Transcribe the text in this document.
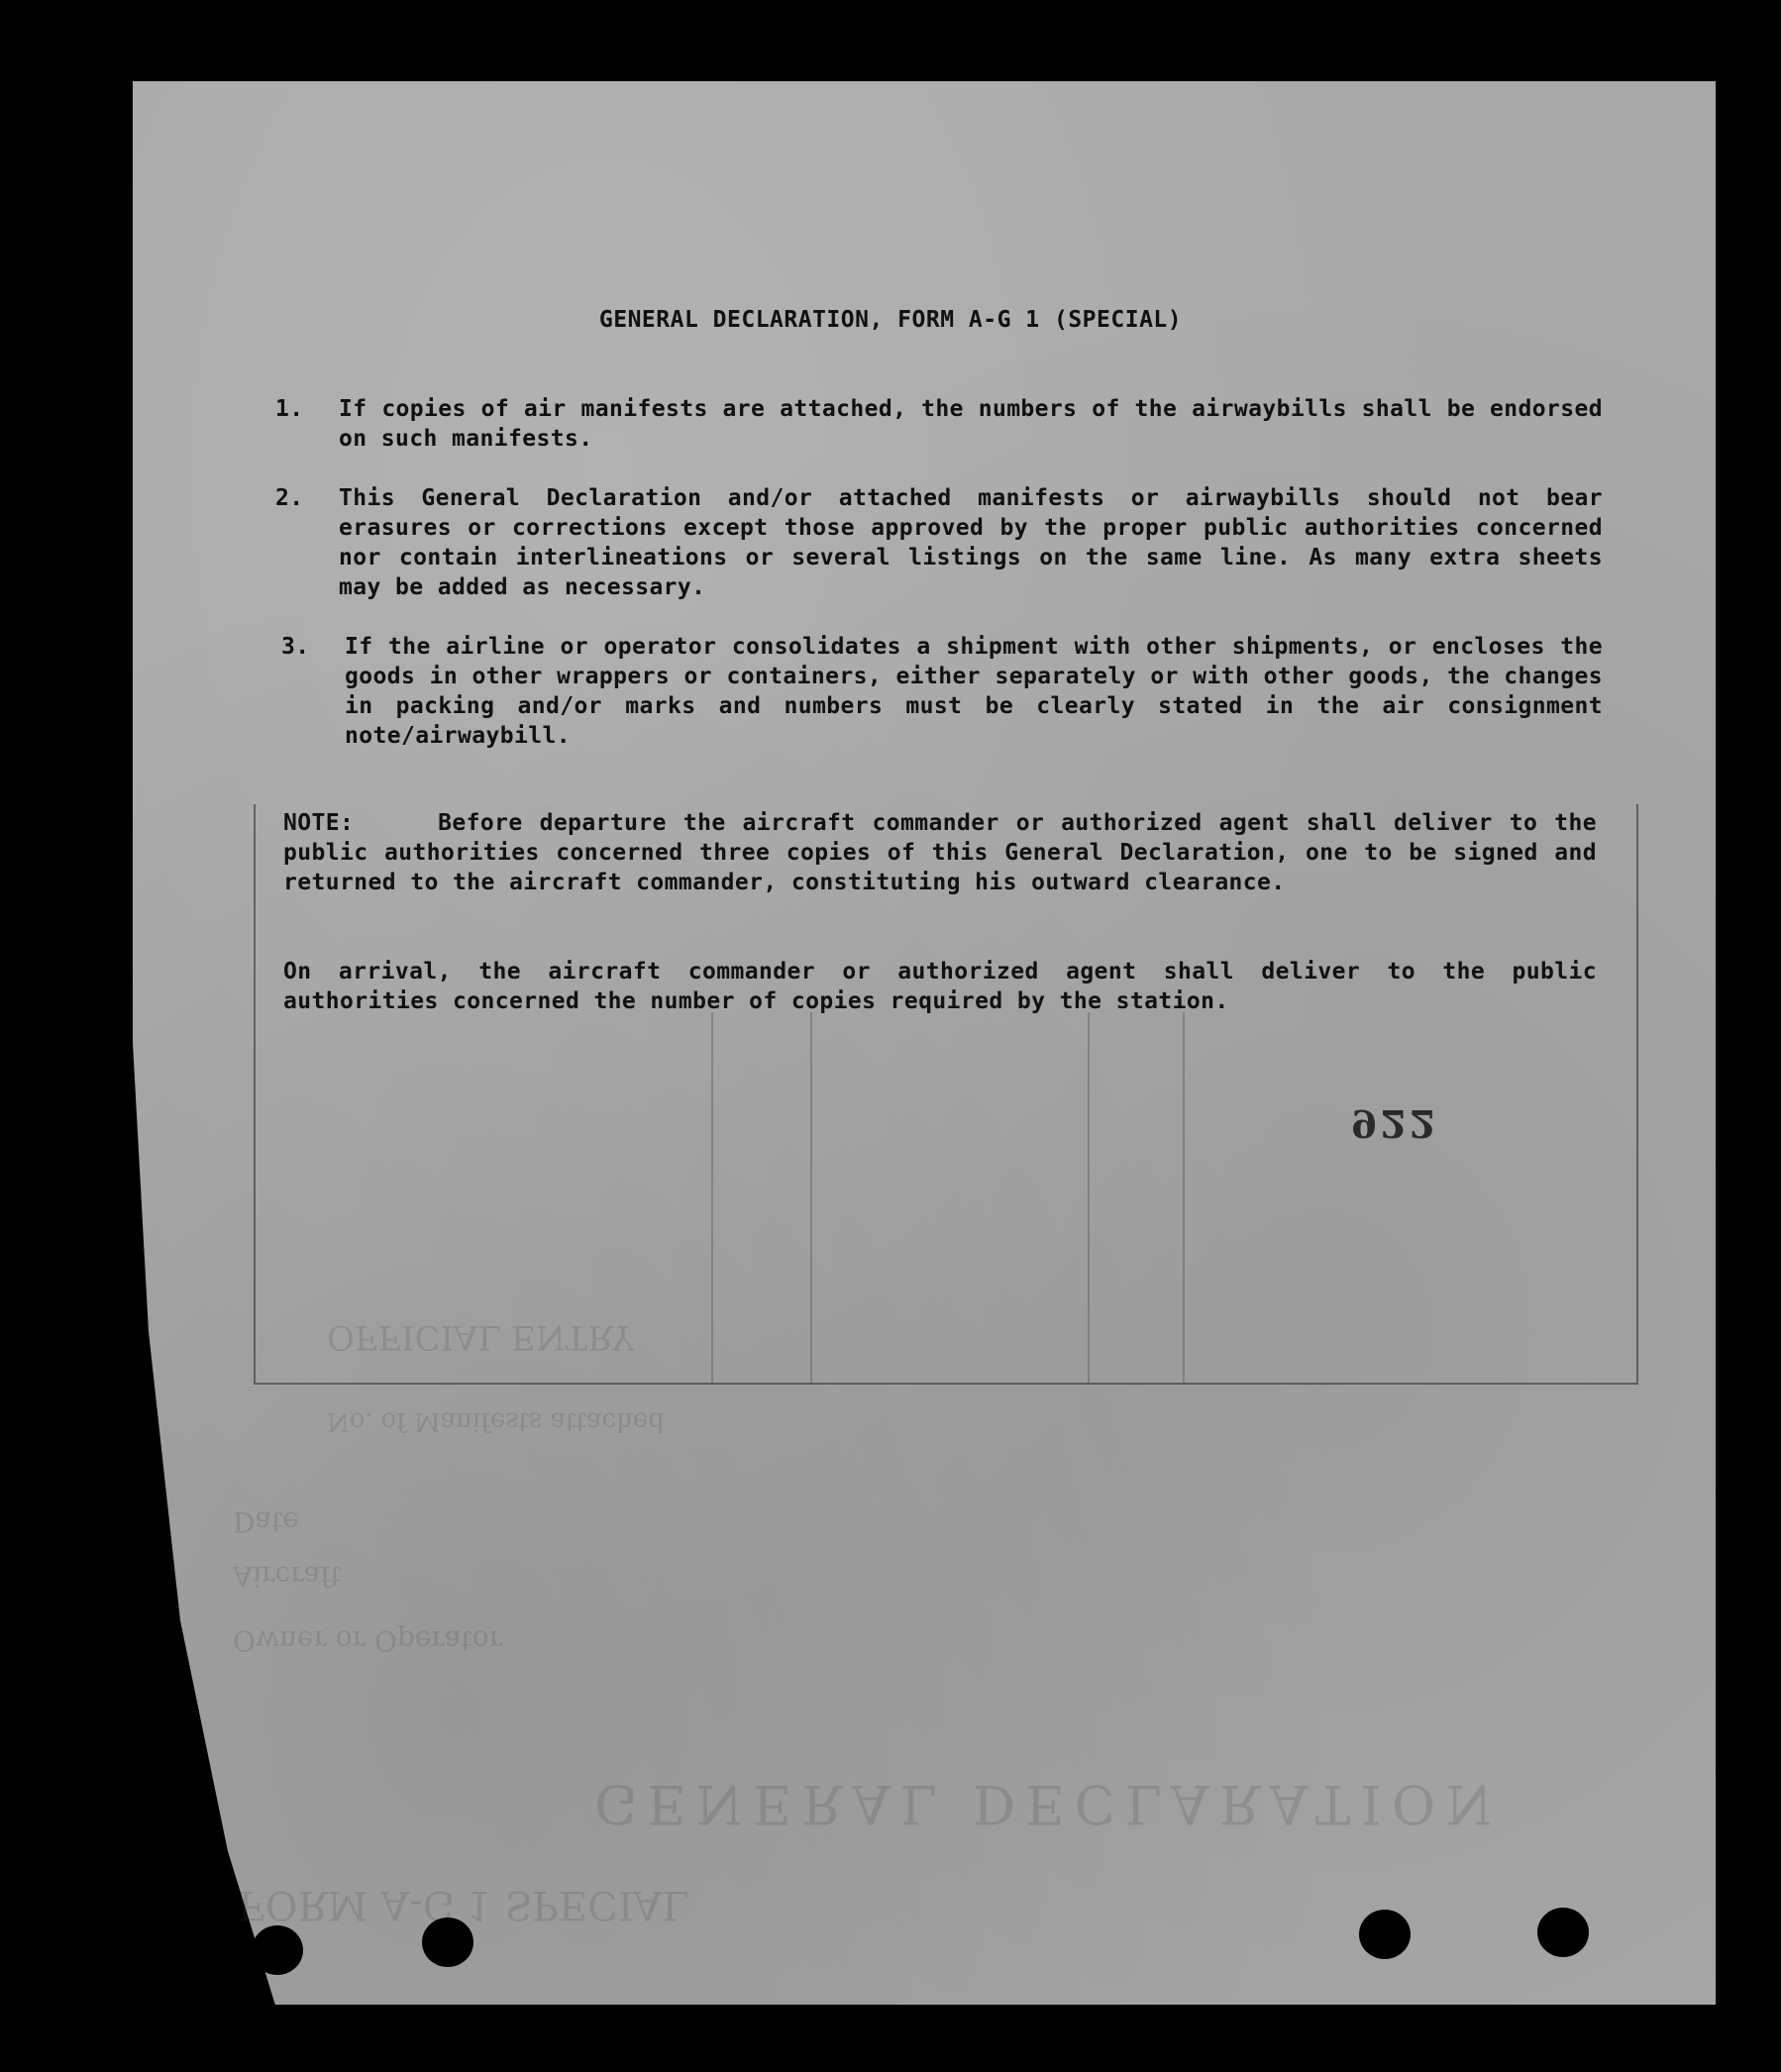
GENERAL DECLARATION, FORM A-G 1 (SPECIAL)
1.	If copies of air manifests are attached, the numbers of the airwaybills shall be endorsed on such manifests.
2.	This General Declaration and/or attached manifests or airwaybills should not bear erasures or corrections except those approved by the proper public authorities concerned nor contain interlineations or several listings on the same line. As many extra sheets may be added as necessary.
3.	If the airline or operator consolidates a shipment with other shipments, or encloses the goods in other wrappers or containers, either separately or with other goods, the changes in packing and/or marks and numbers must be clearly stated in the air consignment note/airwaybill.
NOTE:	Before departure the aircraft commander or authorized agent shall deliver to the public authorities concerned three copies of this General Declaration, one to be signed and returned to the aircraft commander, constituting his outward clearance.
On arrival, the aircraft commander or authorized agent shall deliver to the public authorities concerned the number of copies required by the station.
922
